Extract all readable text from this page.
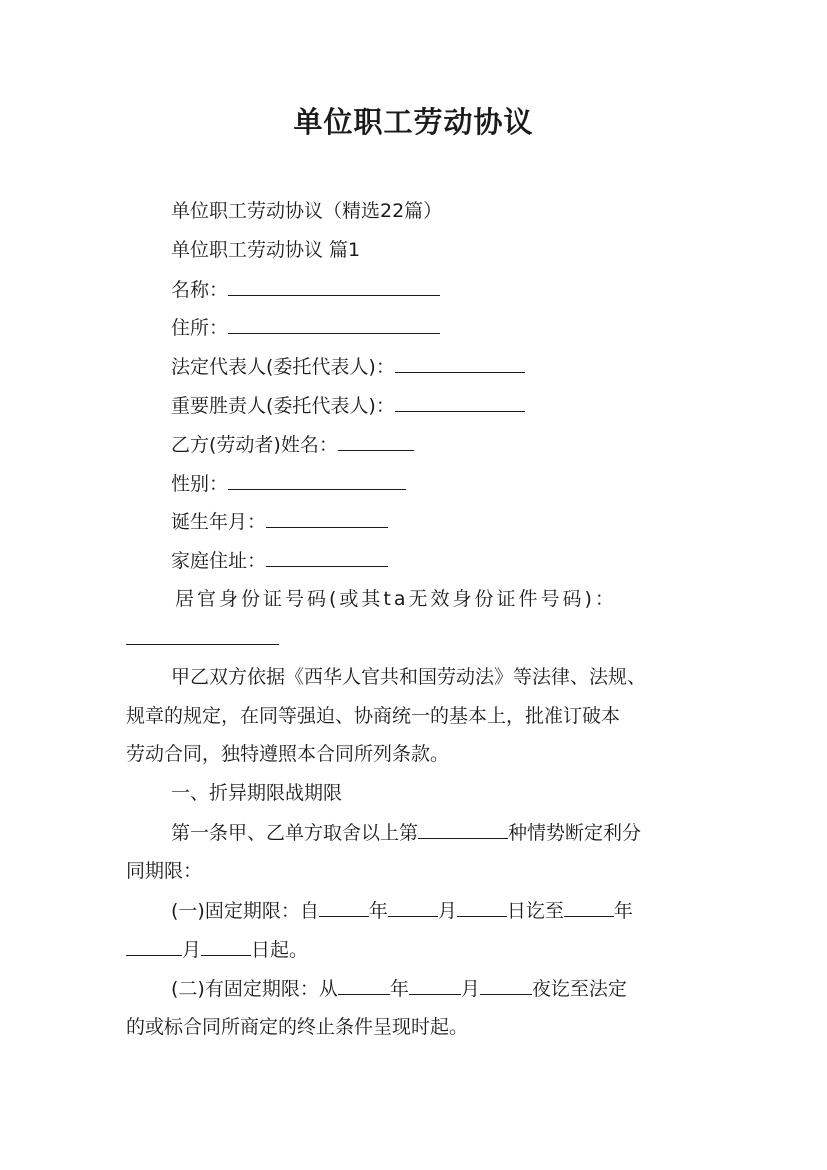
单位职工劳动协议
单位职工劳动协议（精选22篇）
单位职工劳动协议 篇1
名称：
住所：
法定代表人(委托代表人)：
重要胜责人(委托代表人)：
乙方(劳动者)姓名：
性别：
诞生年月：
家庭住址：
居官身份证号码(或其ta无效身份证件号码)：
甲乙双方依据《西华人官共和国劳动法》等法律、法规、
规章的规定，在同等强迫、协商统一的基本上，批准订破本
劳动合同，独特遵照本合同所列条款。
一、折异期限战期限
第一条甲、乙单方取舍以上第	种情势断定利分
同期限：
(一)固定期限：自	年	月	日讫至	年
月	日起。
(二)有固定期限：从	年	月	夜讫至法定
的或标合同所商定的终止条件呈现时起。
